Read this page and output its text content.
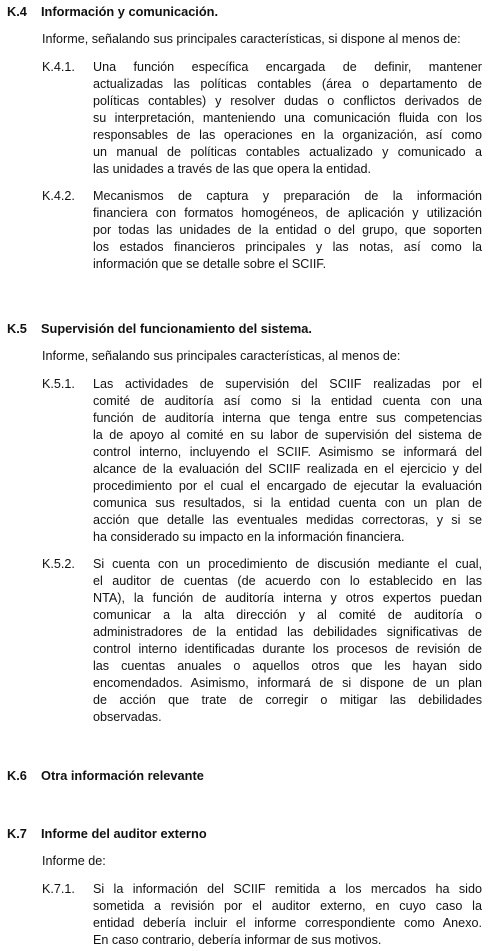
K.4 Información y comunicación.
Informe, señalando sus principales características, si dispone al menos de:
K.4.1. Una función específica encargada de definir, mantener
actualizadas las políticas contables (área o departamento de
políticas contables) y resolver dudas o conflictos derivados de
su interpretación, manteniendo una comunicación fluida con los
responsables de las operaciones en la organización, así como
un manual de políticas contables actualizado y comunicado a
las unidades a través de las que opera la entidad.
K.4.2. Mecanismos de captura y preparación de la información
financiera con formatos homogéneos, de aplicación y utilización
por todas las unidades de la entidad o del grupo, que soporten
los estados financieros principales y las notas, así como la
información que se detalle sobre el SCIIF.
K.5 Supervisión del funcionamiento del sistema.
Informe, señalando sus principales características, al menos de:
K.5.1. Las actividades de supervisión del SCIIF realizadas por el
comité de auditoría así como si la entidad cuenta con una
función de auditoría interna que tenga entre sus competencias
la de apoyo al comité en su labor de supervisión del sistema de
control interno, incluyendo el SCIIF. Asimismo se informará del
alcance de la evaluación del SCIIF realizada en el ejercicio y del
procedimiento por el cual el encargado de ejecutar la evaluación
comunica sus resultados, si la entidad cuenta con un plan de
acción que detalle las eventuales medidas correctoras, y si se
ha considerado su impacto en la información financiera.
K.5.2. Si cuenta con un procedimiento de discusión mediante el cual,
el auditor de cuentas (de acuerdo con lo establecido en las
NTA), la función de auditoría interna y otros expertos puedan
comunicar a la alta dirección y al comité de auditoría o
administradores de la entidad las debilidades significativas de
control interno identificadas durante los procesos de revisión de
las cuentas anuales o aquellos otros que les hayan sido
encomendados. Asimismo, informará de si dispone de un plan
de acción que trate de corregir o mitigar las debilidades
observadas.
K.6 Otra información relevante
K.7 Informe del auditor externo
Informe de:
K.7.1. Si la información del SCIIF remitida a los mercados ha sido
sometida a revisión por el auditor externo, en cuyo caso la
entidad debería incluir el informe correspondiente como Anexo.
En caso contrario, debería informar de sus motivos.
